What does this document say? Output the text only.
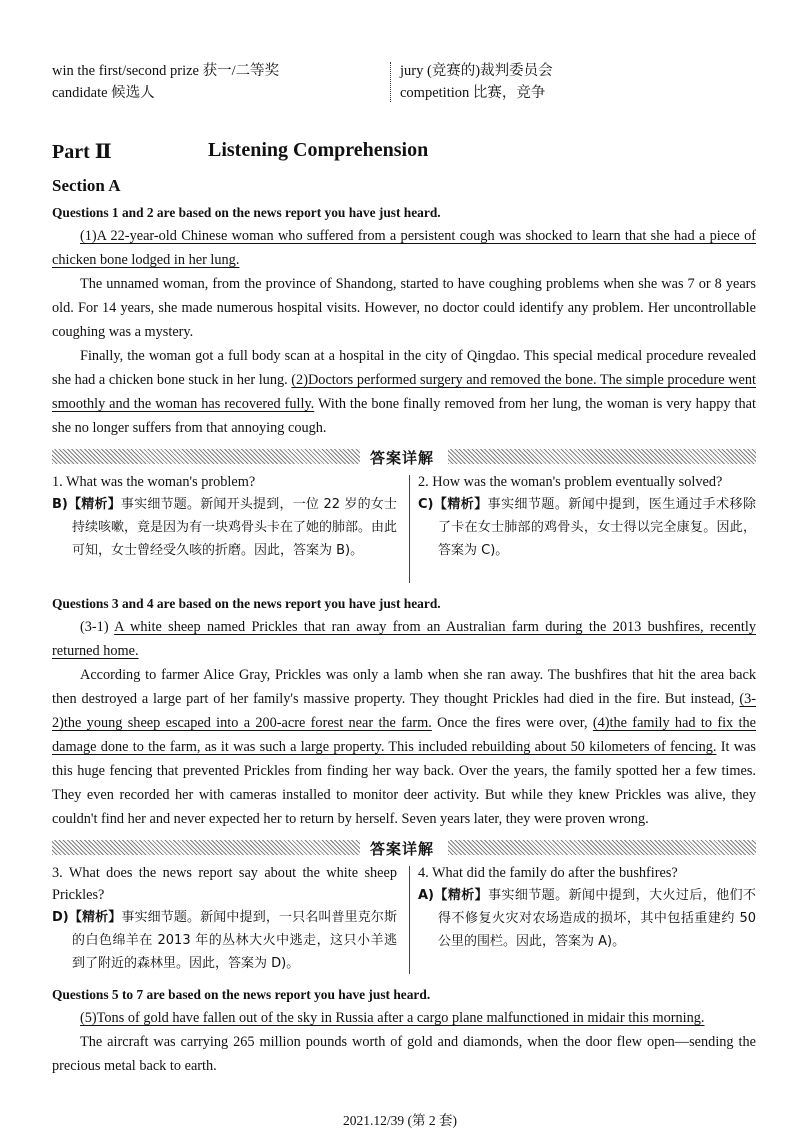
win the first/second prize 获一/二等奖
candidate 候选人
jury (竞赛的)裁判委员会
competition 比赛，竞争
Part Ⅱ	Listening Comprehension
Section A

Questions 1 and 2 are based on the news report you have just heard.

(1)A 22-year-old Chinese woman who suffered from a persistent cough was shocked to learn that she had a piece of chicken bone lodged in her lung.

The unnamed woman, from the province of Shandong, started to have coughing problems when she was 7 or 8 years old. For 14 years, she made numerous hospital visits. However, no doctor could identify any problem. Her uncontrollable coughing was a mystery.

Finally, the woman got a full body scan at a hospital in the city of Qingdao. This special medical procedure revealed she had a chicken bone stuck in her lung. (2)Doctors performed surgery and removed the bone. The simple procedure went smoothly and the woman has recovered fully. With the bone finally removed from her lung, the woman is very happy that she no longer suffers from that annoying cough.

答案详解

1. What was the woman's problem?

B)【精析】事实细节题。新闻开头提到，一位 22 岁的女士持续咳嗽，竟是因为有一块鸡骨头卡在了她的肺部。由此可知，女士曾经受久咳的折磨。因此，答案为 B)。

2. How was the woman's problem eventually solved?

C)【精析】事实细节题。新闻中提到，医生通过手术移除了卡在女士肺部的鸡骨头，女士得以完全康复。因此，答案为 C)。

Questions 3 and 4 are based on the news report you have just heard.

(3-1) A white sheep named Prickles that ran away from an Australian farm during the 2013 bushfires, recently returned home.

According to farmer Alice Gray, Prickles was only a lamb when she ran away. The bushfires that hit the area back then destroyed a large part of her family's massive property. They thought Prickles had died in the fire. But instead, (3-2)the young sheep escaped into a 200-acre forest near the farm. Once the fires were over, (4)the family had to fix the damage done to the farm, as it was such a large property. This included rebuilding about 50 kilometers of fencing. It was this huge fencing that prevented Prickles from finding her way back. Over the years, the family spotted her a few times. They even recorded her with cameras installed to monitor deer activity. But while they knew Prickles was alive, they couldn't find her and never expected her to return by herself. Seven years later, they were proven wrong.

答案详解

3. What does the news report say about the white sheep Prickles?

D)【精析】事实细节题。新闻中提到，一只名叫普里克尔斯的白色绵羊在 2013 年的丛林大火中逃走，这只小羊逃到了附近的森林里。因此，答案为 D)。

4. What did the family do after the bushfires?

A)【精析】事实细节题。新闻中提到，大火过后，他们不得不修复火灾对农场造成的损坏，其中包括重建约 50 公里的围栏。因此，答案为 A)。

Questions 5 to 7 are based on the news report you have just heard.

(5)Tons of gold have fallen out of the sky in Russia after a cargo plane malfunctioned in midair this morning.

The aircraft was carrying 265 million pounds worth of gold and diamonds, when the door flew open—sending the precious metal back to earth.

2021.12/39 (第 2 套)
